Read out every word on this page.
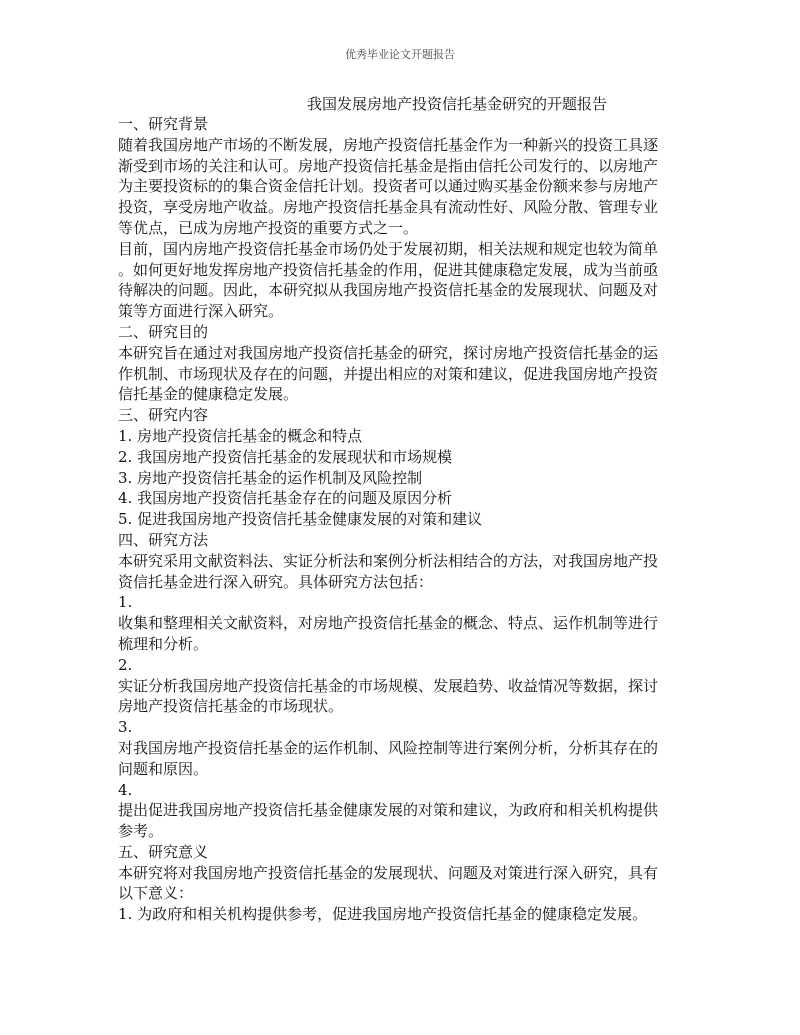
优秀毕业论文开题报告
我国发展房地产投资信托基金研究的开题报告
一、研究背景
随着我国房地产市场的不断发展，房地产投资信托基金作为一种新兴的投资工具逐
渐受到市场的关注和认可。房地产投资信托基金是指由信托公司发行的、以房地产
为主要投资标的的集合资金信托计划。投资者可以通过购买基金份额来参与房地产
投资，享受房地产收益。房地产投资信托基金具有流动性好、风险分散、管理专业
等优点，已成为房地产投资的重要方式之一。
目前，国内房地产投资信托基金市场仍处于发展初期，相关法规和规定也较为简单
。如何更好地发挥房地产投资信托基金的作用，促进其健康稳定发展，成为当前亟
待解决的问题。因此，本研究拟从我国房地产投资信托基金的发展现状、问题及对
策等方面进行深入研究。
二、研究目的
本研究旨在通过对我国房地产投资信托基金的研究，探讨房地产投资信托基金的运
作机制、市场现状及存在的问题，并提出相应的对策和建议，促进我国房地产投资
信托基金的健康稳定发展。
三、研究内容
1. 房地产投资信托基金的概念和特点
2. 我国房地产投资信托基金的发展现状和市场规模
3. 房地产投资信托基金的运作机制及风险控制
4. 我国房地产投资信托基金存在的问题及原因分析
5. 促进我国房地产投资信托基金健康发展的对策和建议
四、研究方法
本研究采用文献资料法、实证分析法和案例分析法相结合的方法，对我国房地产投
资信托基金进行深入研究。具体研究方法包括：
1.
收集和整理相关文献资料，对房地产投资信托基金的概念、特点、运作机制等进行
梳理和分析。
2.
实证分析我国房地产投资信托基金的市场规模、发展趋势、收益情况等数据，探讨
房地产投资信托基金的市场现状。
3.
对我国房地产投资信托基金的运作机制、风险控制等进行案例分析，分析其存在的
问题和原因。
4.
提出促进我国房地产投资信托基金健康发展的对策和建议，为政府和相关机构提供
参考。
五、研究意义
本研究将对我国房地产投资信托基金的发展现状、问题及对策进行深入研究，具有
以下意义：
1. 为政府和相关机构提供参考，促进我国房地产投资信托基金的健康稳定发展。
